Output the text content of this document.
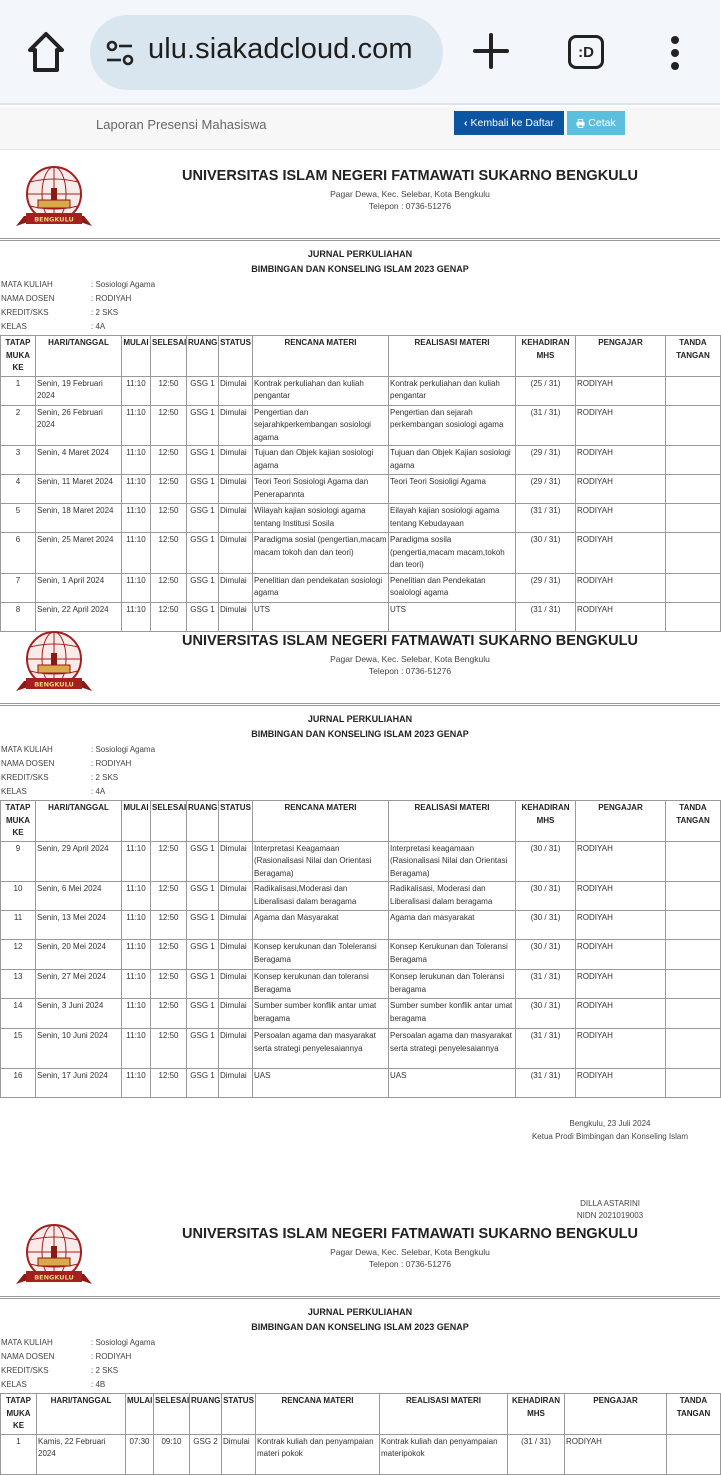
ulu.siakadcloud.com	:D
Laporan Presensi Mahasiswa	‹ Kembali ke Daftar	Cetak
BENGKULU
UNIVERSITAS ISLAM NEGERI FATMAWATI SUKARNO BENGKULU
Pagar Dewa, Kec. Selebar, Kota Bengkulu
Telepon : 0736-51276
JURNAL PERKULIAHAN
BIMBINGAN DAN KONSELING ISLAM 2023 GENAP
MATA KULIAH	: Sosiologi Agama
NAMA DOSEN	: RODIYAH
KREDIT/SKS	: 2 SKS
KELAS	: 4A
TATAP MUKA KE	HARI/TANGGAL	MULAI	SELESAI	RUANG	STATUS	RENCANA MATERI	REALISASI MATERI	KEHADIRAN MHS	PENGAJAR	TANDA TANGAN
1	Senin, 19 Februari 2024	11:10	12:50	GSG 1	Dimulai	Kontrak perkuliahan dan kuliah pengantar	Kontrak perkuliahan dan kuliah pengantar	(25 / 31)	RODIYAH	
2	Senin, 26 Februari 2024	11:10	12:50	GSG 1	Dimulai	Pengertian dan sejarahkperkembangan sosiologi agama	Pengertian dan sejarah perkembangan sosiologi agama	(31 / 31)	RODIYAH	
3	Senin, 4 Maret 2024	11:10	12:50	GSG 1	Dimulai	Tujuan dan Objek kajian sosiologi agama	Tujuan dan Objek Kajian sosiologi agama	(29 / 31)	RODIYAH	
4	Senin, 11 Maret 2024	11:10	12:50	GSG 1	Dimulai	Teori Teori Sosiologi Agama dan Penerapannta	Teori Teori Sosioligi Agama	(29 / 31)	RODIYAH	
5	Senin, 18 Maret 2024	11:10	12:50	GSG 1	Dimulai	Wilayah kajian sosiologi agama tentang Institusi Sosila	Eilayah kajian sosiologi agama tentang Kebudayaan	(31 / 31)	RODIYAH	
6	Senin, 25 Maret 2024	11:10	12:50	GSG 1	Dimulai	Paradigma sosial (pengertian,macam macam tokoh dan dan teori)	Paradigma sosila (pengertia,macam macam,tokoh dan teori)	(30 / 31)	RODIYAH	
7	Senin, 1 April 2024	11:10	12:50	GSG 1	Dimulai	Penelitian dan pendekatan sosiologi agama	Penelitian dan Pendekatan soaiologi agama	(29 / 31)	RODIYAH	
8	Senin, 22 April 2024	11:10	12:50	GSG 1	Dimulai	UTS	UTS	(31 / 31)	RODIYAH	
BENGKULU
UNIVERSITAS ISLAM NEGERI FATMAWATI SUKARNO BENGKULU
Pagar Dewa, Kec. Selebar, Kota Bengkulu
Telepon : 0736-51276
JURNAL PERKULIAHAN
BIMBINGAN DAN KONSELING ISLAM 2023 GENAP
MATA KULIAH	: Sosiologi Agama
NAMA DOSEN	: RODIYAH
KREDIT/SKS	: 2 SKS
KELAS	: 4A
TATAP MUKA KE	HARI/TANGGAL	MULAI	SELESAI	RUANG	STATUS	RENCANA MATERI	REALISASI MATERI	KEHADIRAN MHS	PENGAJAR	TANDA TANGAN
9	Senin, 29 April 2024	11:10	12:50	GSG 1	Dimulai	Interpretasi Keagamaan (Rasionalisasi Nilai dan Orientasi Beragama)	Interpretasi keagamaan (Rasionalisasi Nilai dan Orientasi Beragama)	(30 / 31)	RODIYAH	
10	Senin, 6 Mei 2024	11:10	12:50	GSG 1	Dimulai	Radikalisasi,Moderasi dan Liberalisasi dalam beragama	Radikalisasi, Moderasi dan Liberalisasi dalam beragama	(30 / 31)	RODIYAH	
11	Senin, 13 Mei 2024	11:10	12:50	GSG 1	Dimulai	Agama dan Masyarakat	Agama dan masyarakat	(30 / 31)	RODIYAH	
12	Senin, 20 Mei 2024	11:10	12:50	GSG 1	Dimulai	Konsep kerukunan dan Toleleransi Beragama	Konsep Kerukunan dan Toleransi Beragama	(30 / 31)	RODIYAH	
13	Senin, 27 Mei 2024	11:10	12:50	GSG 1	Dimulai	Konsep kerukunan dan toleransi Beragama	Konsep lerukunan dan Toleransi beragama	(31 / 31)	RODIYAH	
14	Senin, 3 Juni 2024	11:10	12:50	GSG 1	Dimulai	Sumber sumber konflik antar umat beragama	Sumber sumber konflik antar umat beragama	(30 / 31)	RODIYAH	
15	Senin, 10 Juni 2024	11:10	12:50	GSG 1	Dimulai	Persoalan agama dan masyarakat serta strategi penyelesaiannya	Persoalan agama dan masyarakat serta strategi penyelesaiannya	(31 / 31)	RODIYAH	
16	Senin, 17 Juni 2024	11:10	12:50	GSG 1	Dimulai	UAS	UAS	(31 / 31)	RODIYAH	
BENGKULU
UNIVERSITAS ISLAM NEGERI FATMAWATI SUKARNO BENGKULU
Pagar Dewa, Kec. Selebar, Kota Bengkulu
Telepon : 0736-51276
JURNAL PERKULIAHAN
BIMBINGAN DAN KONSELING ISLAM 2023 GENAP
MATA KULIAH	: Sosiologi Agama
NAMA DOSEN	: RODIYAH
KREDIT/SKS	: 2 SKS
KELAS	: 4B
TATAP MUKA KE	HARI/TANGGAL	MULAI	SELESAI	RUANG	STATUS	RENCANA MATERI	REALISASI MATERI	KEHADIRAN MHS	PENGAJAR	TANDA TANGAN
1	Kamis, 22 Februari 2024	07:30	09:10	GSG 2	Dimulai	Kontrak kuliah dan penyampaian materi pokok	Kontrak kuliah dan penyampaian materipokok	(31 / 31)	RODIYAH	
Bengkulu, 23 Juli 2024
Ketua Prodi Bimbingan dan Konseling Islam
DILLA ASTARINI
NIDN 2021019003
